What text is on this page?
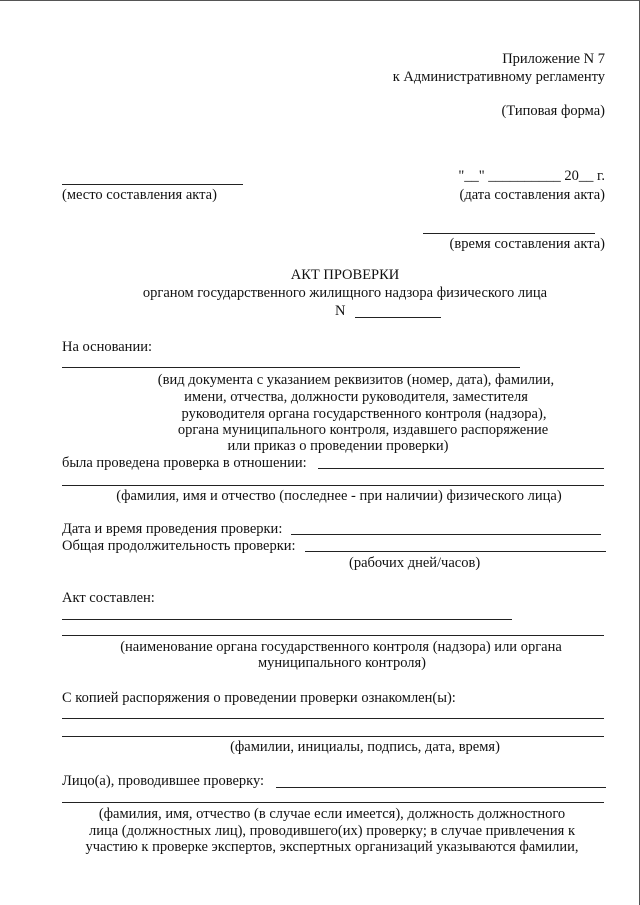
Приложение N 7
к Административному регламенту
(Типовая форма)
"__" __________ 20__ г.
(место составления акта)	(дата составления акта)
(время составления акта)
АКТ ПРОВЕРКИ
органом государственного жилищного надзора физического лица
N
На основании:
(вид документа с указанием реквизитов (номер, дата), фамилии,
имени, отчества, должности руководителя, заместителя
руководителя органа государственного контроля (надзора),
органа муниципального контроля, издавшего распоряжение
или приказ о проведении проверки)
была проведена проверка в отношении:
(фамилия, имя и отчество (последнее - при наличии) физического лица)
Дата и время проведения проверки:
Общая продолжительность проверки:
(рабочих дней/часов)
Акт составлен:
(наименование органа государственного контроля (надзора) или органа
муниципального контроля)
С копией распоряжения о проведении проверки ознакомлен(ы):
(фамилии, инициалы, подпись, дата, время)
Лицо(а), проводившее проверку:
(фамилия, имя, отчество (в случае если имеется), должность должностного
лица (должностных лиц), проводившего(их) проверку; в случае привлечения к
участию к проверке экспертов, экспертных организаций указываются фамилии,
